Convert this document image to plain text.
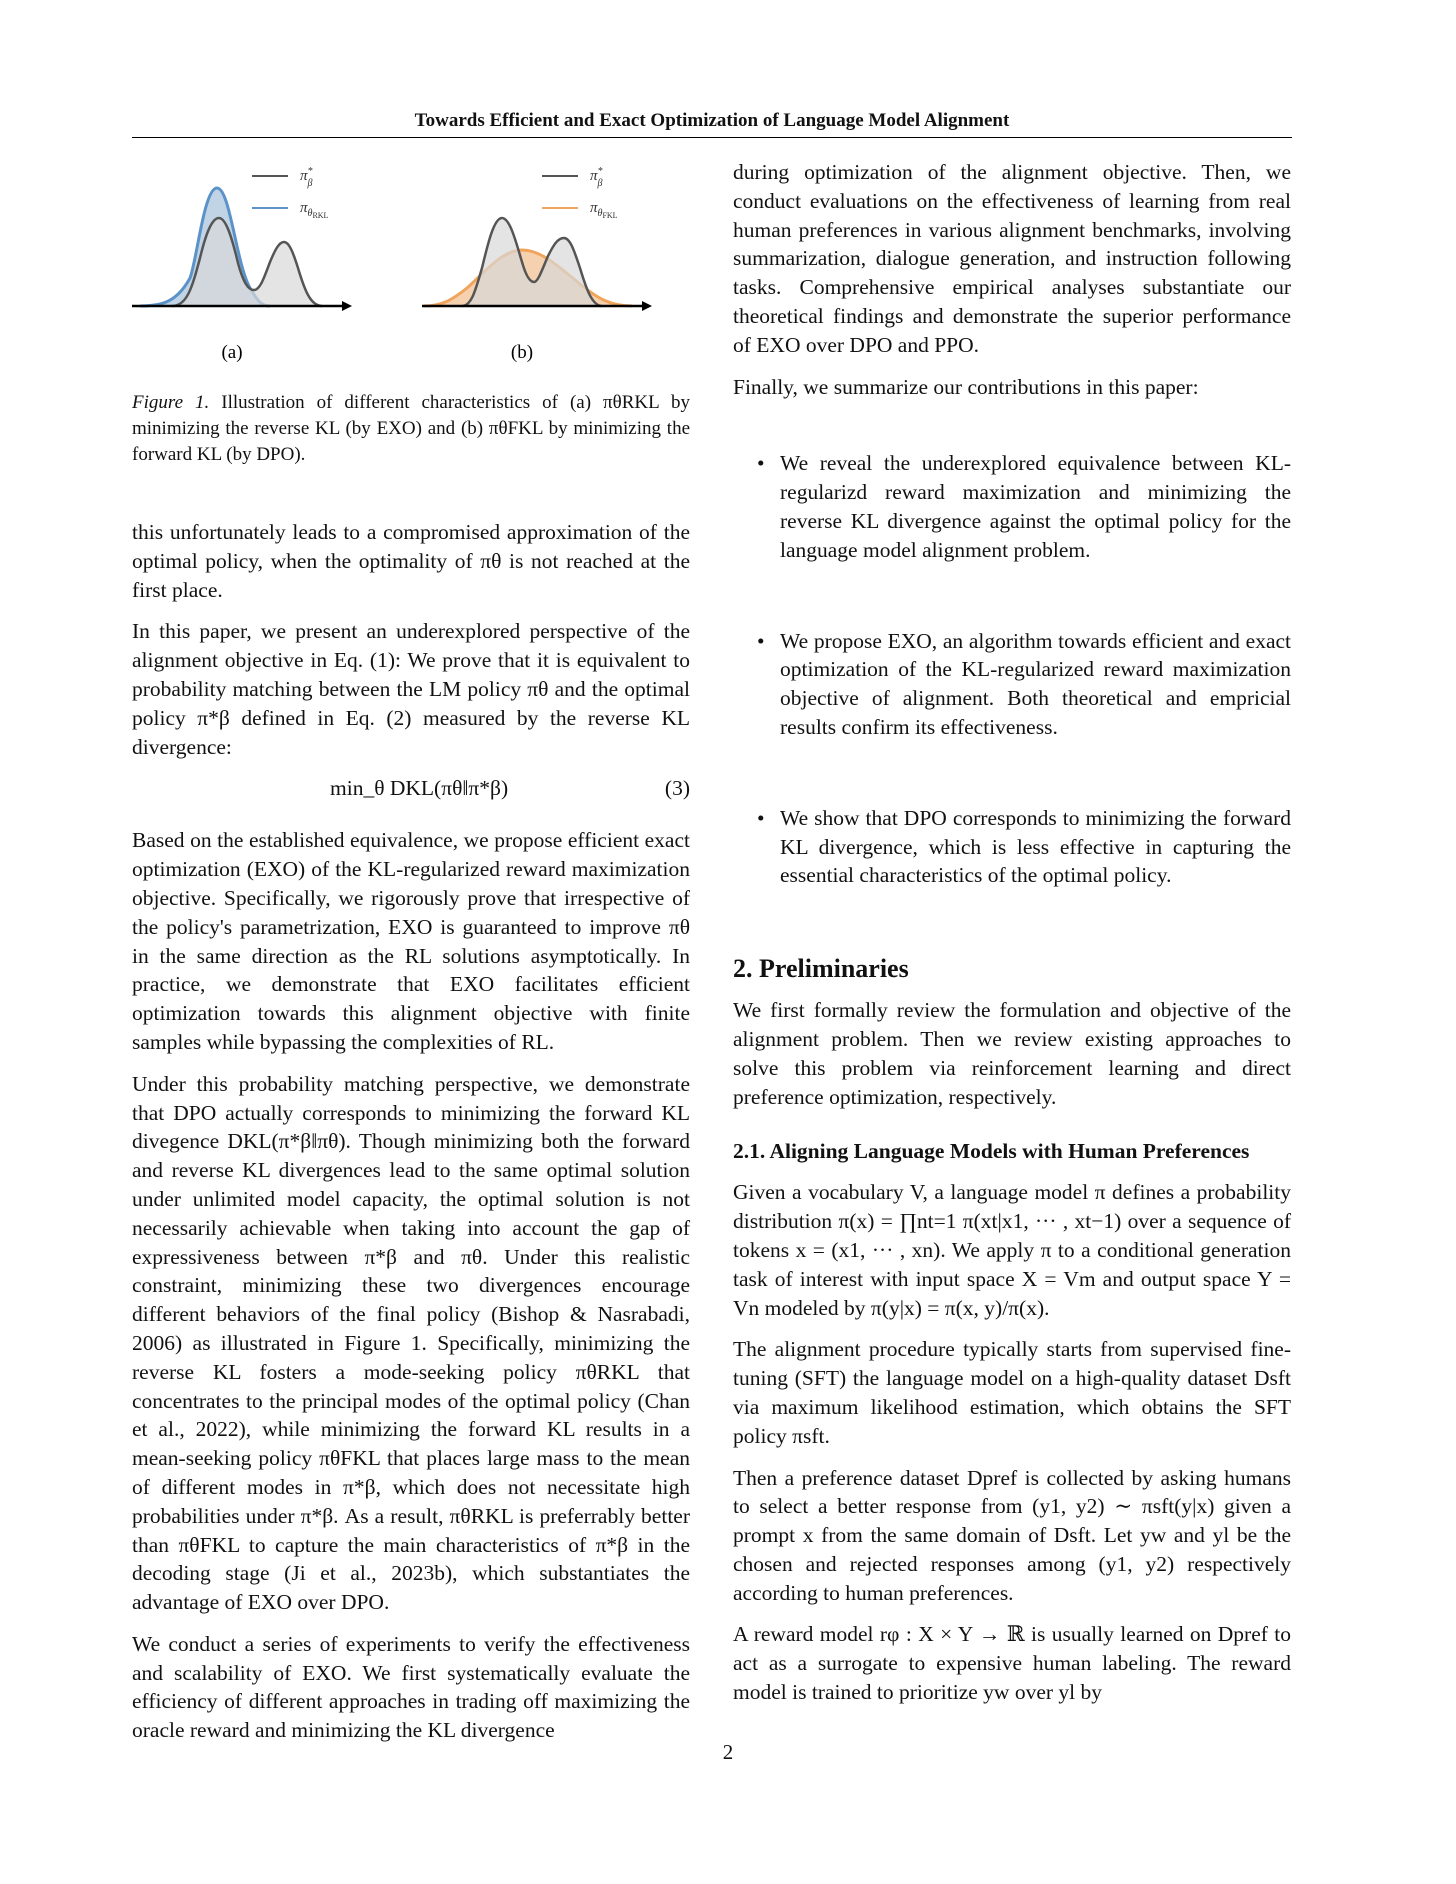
Towards Efficient and Exact Optimization of Language Model Alignment
π* β
$\pi_\theta RKL$
(a)
π* β
$\pi_\theta FKL$
(b)

Figure 1. Illustration of different characteristics of (a) πθRKL by minimizing the reverse KL (by EXO) and (b) πθFKL by minimizing the forward KL (by DPO).

this unfortunately leads to a compromised approximation of the optimal policy, when the optimality of πθ is not reached at the first place.

In this paper, we present an underexplored perspective of the alignment objective in Eq. (1): We prove that it is equivalent to probability matching between the LM policy πθ and the optimal policy π*β defined in Eq. (2) measured by the reverse KL divergence:

min_θ DKL(πθ‖π*β)	(3)

Based on the established equivalence, we propose efficient exact optimization (EXO) of the KL-regularized reward maximization objective. Specifically, we rigorously prove that irrespective of the policy's parametrization, EXO is guaranteed to improve πθ in the same direction as the RL solutions asymptotically. In practice, we demonstrate that EXO facilitates efficient optimization towards this alignment objective with finite samples while bypassing the complexities of RL.

Under this probability matching perspective, we demonstrate that DPO actually corresponds to minimizing the forward KL divegence DKL(π*β‖πθ). Though minimizing both the forward and reverse KL divergences lead to the same optimal solution under unlimited model capacity, the optimal solution is not necessarily achievable when taking into account the gap of expressiveness between π*β and πθ. Under this realistic constraint, minimizing these two divergences encourage different behaviors of the final policy (Bishop & Nasrabadi, 2006) as illustrated in Figure 1. Specifically, minimizing the reverse KL fosters a mode-seeking policy πθRKL that concentrates to the principal modes of the optimal policy (Chan et al., 2022), while minimizing the forward KL results in a mean-seeking policy πθFKL that places large mass to the mean of different modes in π*β, which does not necessitate high probabilities under π*β. As a result, πθRKL is preferrably better than πθFKL to capture the main characteristics of π*β in the decoding stage (Ji et al., 2023b), which substantiates the advantage of EXO over DPO.

We conduct a series of experiments to verify the effectiveness and scalability of EXO. We first systematically evaluate the efficiency of different approaches in trading off maximizing the oracle reward and minimizing the KL divergence

during optimization of the alignment objective. Then, we conduct evaluations on the effectiveness of learning from real human preferences in various alignment benchmarks, involving summarization, dialogue generation, and instruction following tasks. Comprehensive empirical analyses substantiate our theoretical findings and demonstrate the superior performance of EXO over DPO and PPO.

Finally, we summarize our contributions in this paper:

• We reveal the underexplored equivalence between KL-regularizd reward maximization and minimizing the reverse KL divergence against the optimal policy for the language model alignment problem.
• We propose EXO, an algorithm towards efficient and exact optimization of the KL-regularized reward maximization objective of alignment. Both theoretical and empricial results confirm its effectiveness.
• We show that DPO corresponds to minimizing the forward KL divergence, which is less effective in capturing the essential characteristics of the optimal policy.
2. Preliminaries

We first formally review the formulation and objective of the alignment problem. Then we review existing approaches to solve this problem via reinforcement learning and direct preference optimization, respectively.

2.1. Aligning Language Models with Human Preferences

Given a vocabulary V, a language model π defines a probability distribution π(x) = ∏nt=1 π(xt|x1, ··· , xt−1) over a sequence of tokens x = (x1, ··· , xn). We apply π to a conditional generation task of interest with input space X = Vm and output space Y = Vn modeled by π(y|x) = π(x, y)/π(x).

The alignment procedure typically starts from supervised fine-tuning (SFT) the language model on a high-quality dataset Dsft via maximum likelihood estimation, which obtains the SFT policy πsft.

Then a preference dataset Dpref is collected by asking humans to select a better response from (y1, y2) ∼ πsft(y|x) given a prompt x from the same domain of Dsft. Let yw and yl be the chosen and rejected responses among (y1, y2) respectively according to human preferences.

A reward model rφ : X × Y → ℝ is usually learned on Dpref to act as a surrogate to expensive human labeling. The reward model is trained to prioritize yw over yl by

2
